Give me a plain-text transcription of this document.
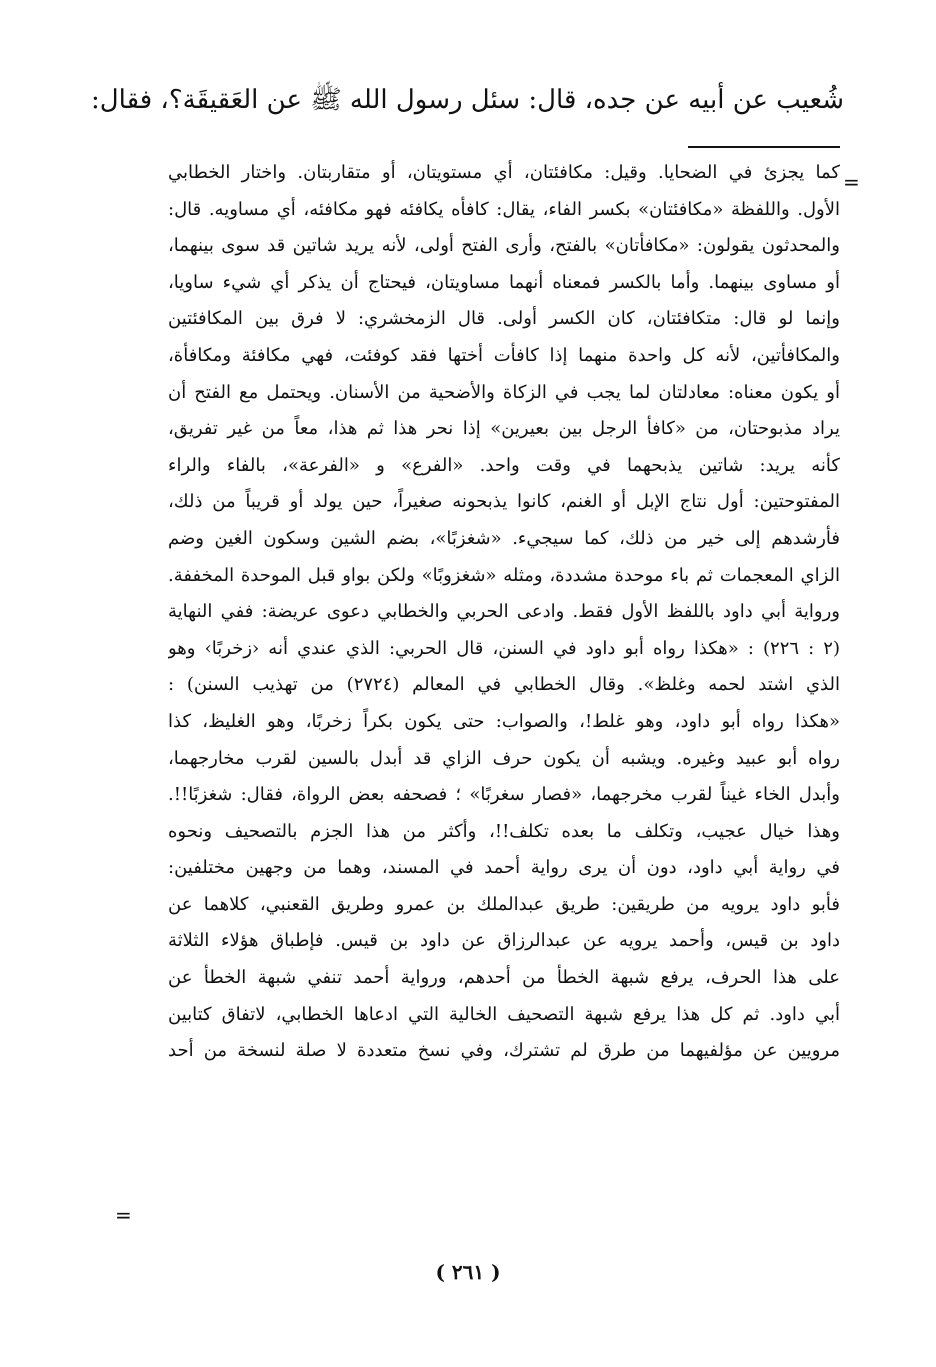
شُعيب عن أبيه عن جده، قال: سئل رسول الله ﷺ عن العَقيقَة؟، فقال:
=
كما يجزئ في الضحايا. وقيل: مكافئتان، أي مستويتان، أو متقاربتان. واختار الخطابي
الأول. واللفظة «مكافئتان» بكسر الفاء، يقال: كافأه يكافئه فهو مكافئه، أي مساويه. قال:
والمحدثون يقولون: «مكافأتان» بالفتح، وأرى الفتح أولى، لأنه يريد شاتين قد سوى بينهما،
أو مساوى بينهما. وأما بالكسر فمعناه أنهما مساويتان، فيحتاج أن يذكر أي شيء ساويا،
وإنما لو قال: متكافئتان، كان الكسر أولى. قال الزمخشري: لا فرق بين المكافئتين
والمكافأتين، لأنه كل واحدة منهما إذا كافأت أختها فقد كوفئت، فهي مكافئة ومكافأة،
أو يكون معناه: معادلتان لما يجب في الزكاة والأضحية من الأسنان. ويحتمل مع الفتح أن
يراد مذبوحتان، من «كافأ الرجل بين بعيرين» إذا نحر هذا ثم هذا، معاً من غير تفريق،
كأنه يريد: شاتين يذبحهما في وقت واحد. «الفرع» و «الفرعة»، بالفاء والراء
المفتوحتين: أول نتاج الإبل أو الغنم، كانوا يذبحونه صغيراً، حين يولد أو قريباً من ذلك،
فأرشدهم إلى خير من ذلك، كما سيجيء. «شغزبًا»، بضم الشين وسكون الغين وضم
الزاي المعجمات ثم باء موحدة مشددة، ومثله «شغزوبًا» ولكن بواو قبل الموحدة المخففة.
ورواية أبي داود باللفظ الأول فقط. وادعى الحربي والخطابي دعوى عريضة: ففي النهاية
(٢ : ٢٢٦) : «هكذا رواه أبو داود في السنن، قال الحربي: الذي عندي أنه ‹زخربًا› وهو
الذي اشتد لحمه وغلظ». وقال الخطابي في المعالم (٢٧٢٤) من تهذيب السنن) :
«هكذا رواه أبو داود، وهو غلط!، والصواب: حتى يكون بكراً زخربًا، وهو الغليظ، كذا
رواه أبو عبيد وغيره. ويشبه أن يكون حرف الزاي قد أبدل بالسين لقرب مخارجهما،
وأبدل الخاء غيناً لقرب مخرجهما، «فصار سغربًا» ؛ فصحفه بعض الرواة، فقال: شغزبًا!!.
وهذا خيال عجيب، وتكلف ما بعده تكلف!!، وأكثر من هذا الجزم بالتصحيف ونحوه
في رواية أبي داود، دون أن يرى رواية أحمد في المسند، وهما من وجهين مختلفين:
فأبو داود يرويه من طريقين: طريق عبدالملك بن عمرو وطريق القعنبي، كلاهما عن
داود بن قيس، وأحمد يرويه عن عبدالرزاق عن داود بن قيس. فإطباق هؤلاء الثلاثة
على هذا الحرف، يرفع شبهة الخطأ من أحدهم، ورواية أحمد تنفي شبهة الخطأ عن
أبي داود. ثم كل هذا يرفع شبهة التصحيف الخالية التي ادعاها الخطابي، لاتفاق كتابين
مرويين عن مؤلفيهما من طرق لم تشترك، وفي نسخ متعددة لا صلة لنسخة من أحد
=
( ٢٦١ )
